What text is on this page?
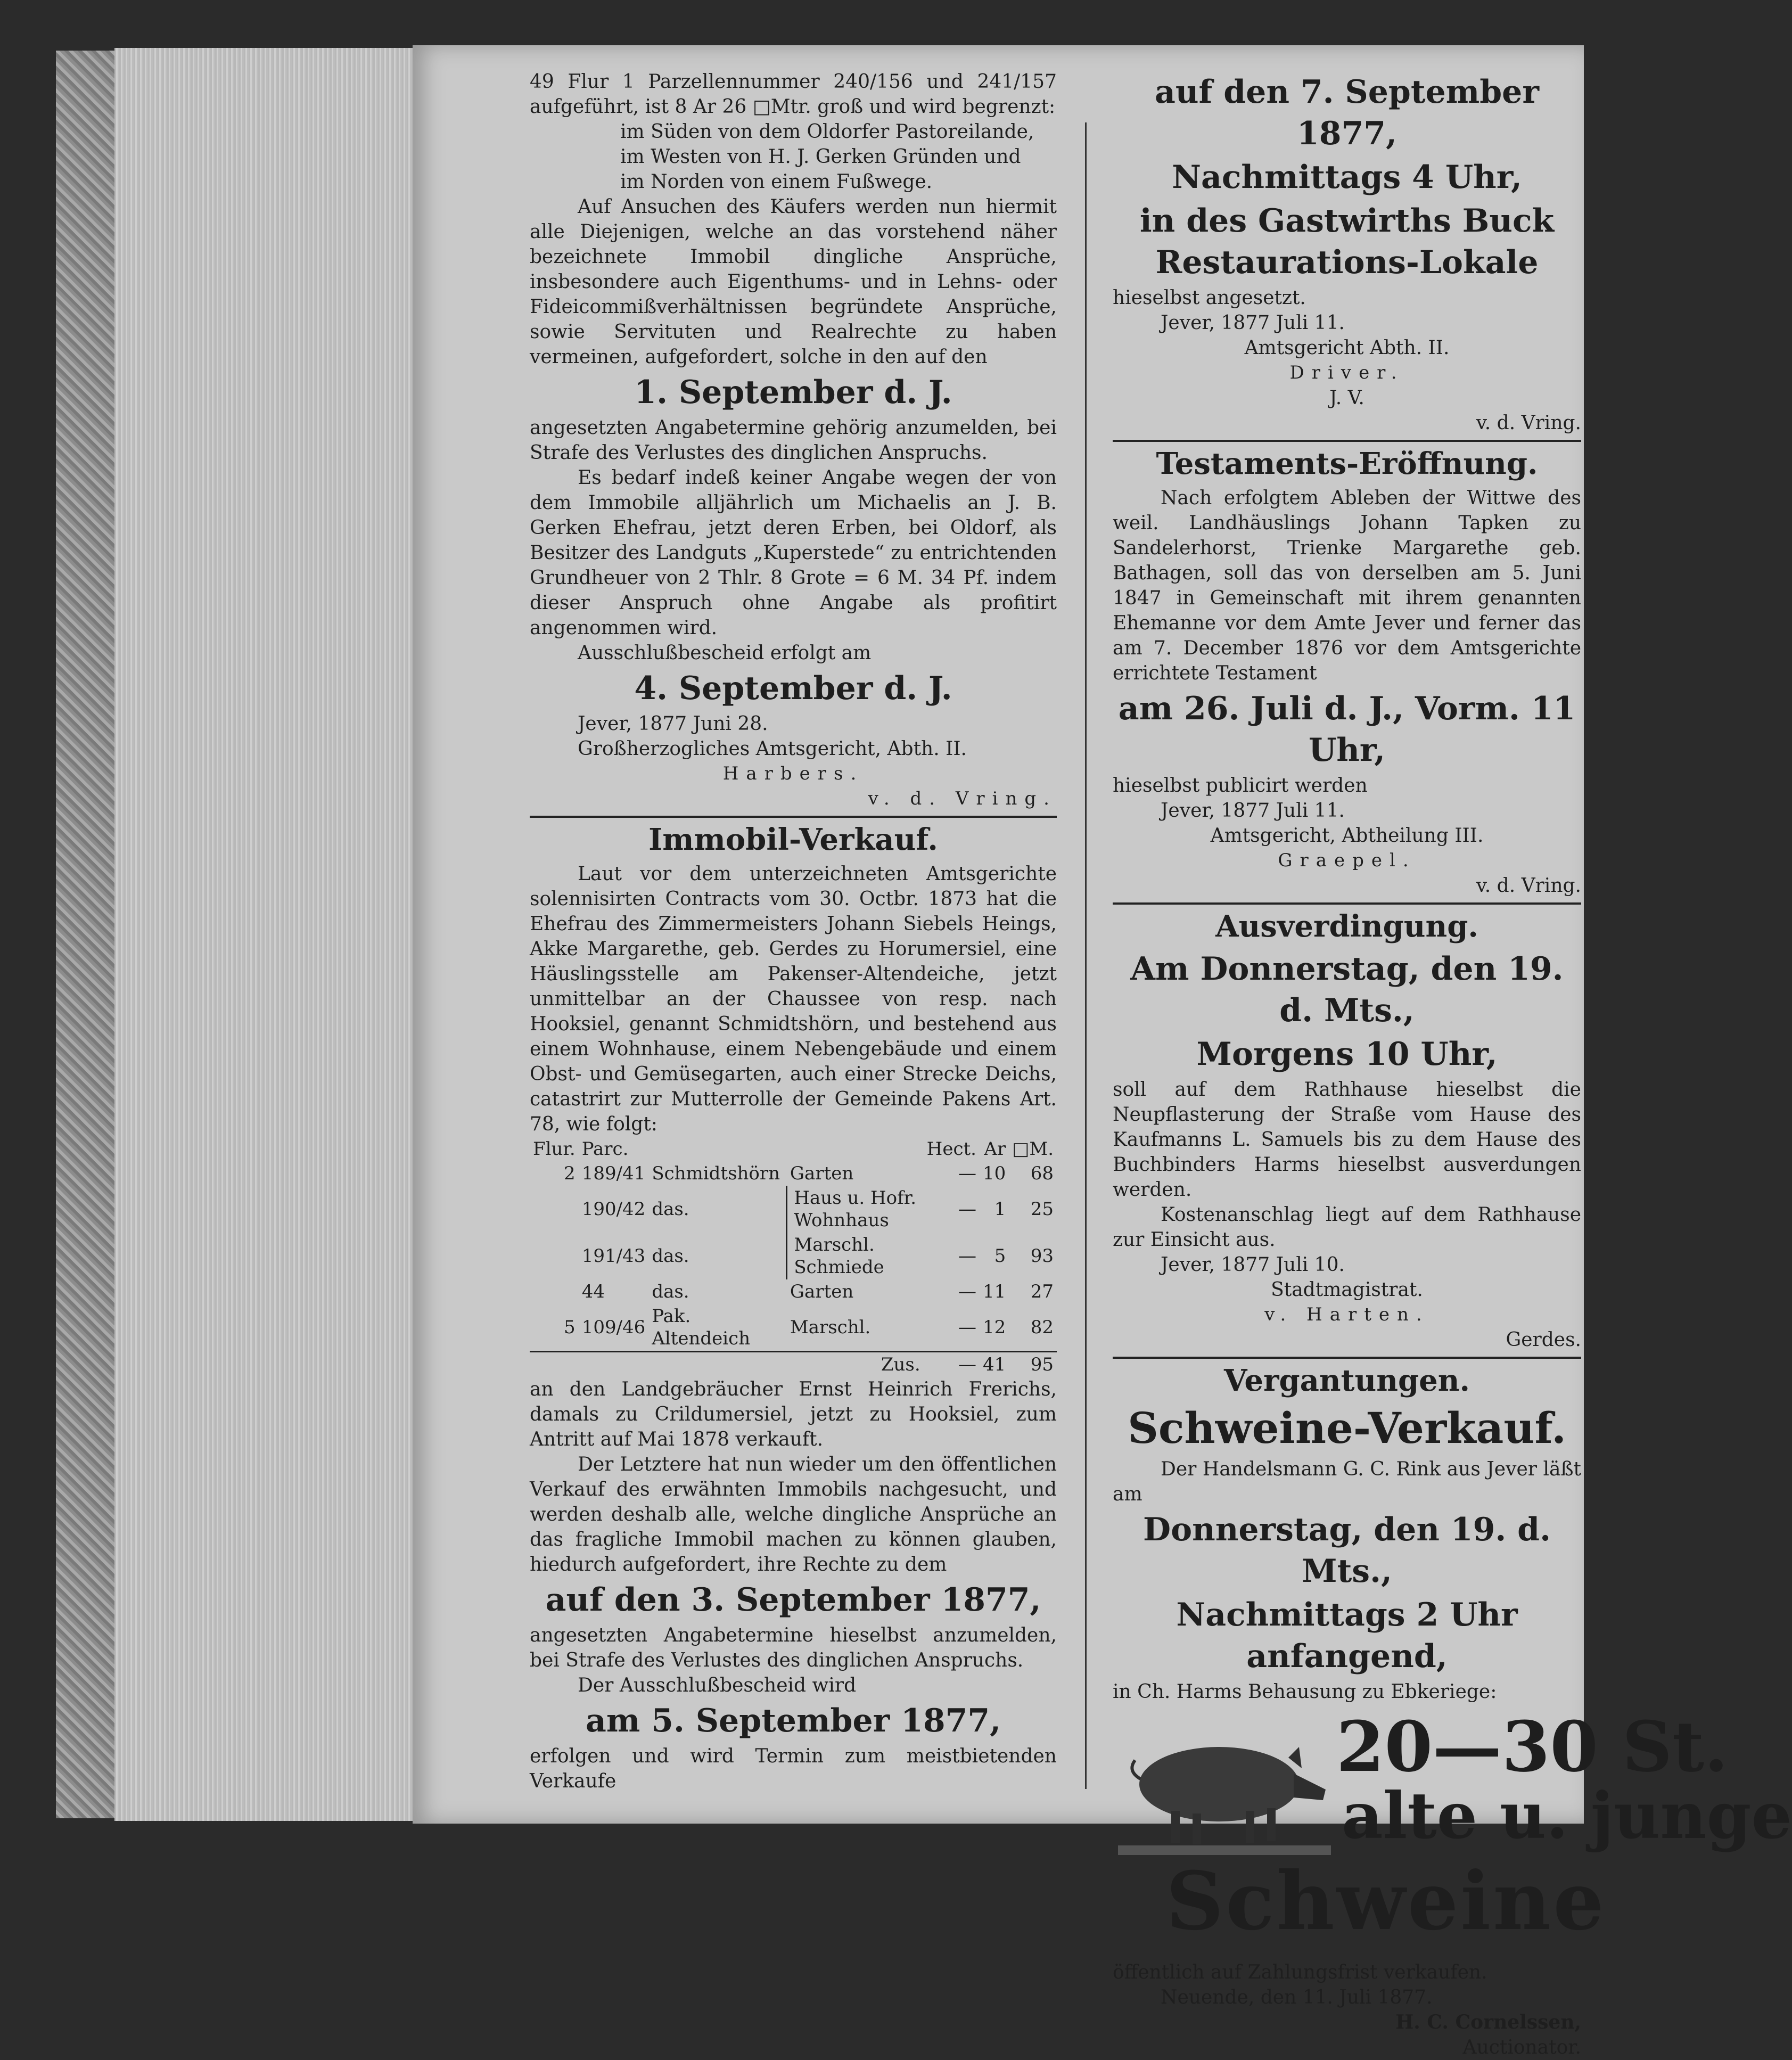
49 Flur 1 Parzellennummer 240/156 und 241/157 aufgeführt, ist 8 Ar 26 □Mtr. groß und wird begrenzt:

im Süden von dem Oldorfer Pastoreilande,

im Westen von H. J. Gerken Gründen und

im Norden von einem Fußwege.

Auf Ansuchen des Käufers werden nun hiermit alle Diejenigen, welche an das vorstehend näher bezeichnete Immobil dingliche Ansprüche, insbesondere auch Eigenthums- und in Lehns- oder Fideicommißverhältnissen begründete Ansprüche, sowie Servituten und Realrechte zu haben vermeinen, aufgefordert, solche in den auf den

1. September d. J.

angesetzten Angabetermine gehörig anzumelden, bei Strafe des Verlustes des dinglichen Anspruchs.

Es bedarf indeß keiner Angabe wegen der von dem Immobile alljährlich um Michaelis an J. B. Gerken Ehefrau, jetzt deren Erben, bei Oldorf, als Besitzer des Landguts „Kuperstede“ zu entrichtenden Grundheuer von 2 Thlr. 8 Grote = 6 M. 34 Pf. indem dieser Anspruch ohne Angabe als profitirt angenommen wird.

Ausschlußbescheid erfolgt am

4. September d. J.

Jever, 1877 Juni 28.

Großherzogliches Amtsgericht, Abth. II.

Harbers.

v. d. Vring.

Immobil-Verkauf.

Laut vor dem unterzeichneten Amtsgerichte solennisirten Contracts vom 30. Octbr. 1873 hat die Ehefrau des Zimmermeisters Johann Siebels Heings, Akke Margarethe, geb. Gerdes zu Horumersiel, eine Häuslingsstelle am Pakenser-Altendeiche, jetzt unmittelbar an der Chaussee von resp. nach Hooksiel, genannt Schmidtshörn, und bestehend aus einem Wohnhause, einem Nebengebäude und einem Obst- und Gemüsegarten, auch einer Strecke Deichs, catastrirt zur Mutterrolle der Gemeinde Pakens Art. 78, wie folgt:

Flur.	Parc.			Hect.	Ar	□M.
2	189/41	Schmidtshörn	Garten	—	10	68
	190/42	das.	Haus u. Hofr. Wohnhaus	—	1	25
	191/43	das.	Marschl. Schmiede	—	5	93
	44	das.	Garten	—	11	27
5	109/46	Pak. Altendeich	Marschl.	—	12	82
			Zus.	—	41	95

an den Landgebräucher Ernst Heinrich Frerichs, damals zu Crildumersiel, jetzt zu Hooksiel, zum Antritt auf Mai 1878 verkauft.

Der Letztere hat nun wieder um den öffentlichen Verkauf des erwähnten Immobils nachgesucht, und werden deshalb alle, welche dingliche Ansprüche an das fragliche Immobil machen zu können glauben, hiedurch aufgefordert, ihre Rechte zu dem

auf den 3. September 1877,

angesetzten Angabetermine hieselbst anzumelden, bei Strafe des Verlustes des dinglichen Anspruchs.

Der Ausschlußbescheid wird

am 5. September 1877,

erfolgen und wird Termin zum meistbietenden Verkaufe

auf den 7. September 1877,
Nachmittags 4 Uhr,
in des Gastwirths Buck Restaurations-Lokale

hieselbst angesetzt.

Jever, 1877 Juli 11.

Amtsgericht Abth. II.

Driver.

J. V.

v. d. Vring.

Testaments-Eröffnung.

Nach erfolgtem Ableben der Wittwe des weil. Landhäuslings Johann Tapken zu Sandelerhorst, Trienke Margarethe geb. Bathagen, soll das von derselben am 5. Juni 1847 in Gemeinschaft mit ihrem genannten Ehemanne vor dem Amte Jever und ferner das am 7. December 1876 vor dem Amtsgerichte errichtete Testament

am 26. Juli d. J., Vorm. 11 Uhr,

hieselbst publicirt werden

Jever, 1877 Juli 11.

Amtsgericht, Abtheilung III.

Graepel.

v. d. Vring.

Ausverdingung.
Am Donnerstag, den 19. d. Mts.,
Morgens 10 Uhr,

soll auf dem Rathhause hieselbst die Neupflasterung der Straße vom Hause des Kaufmanns L. Samuels bis zu dem Hause des Buchbinders Harms hieselbst ausverdungen werden.

Kostenanschlag liegt auf dem Rathhause zur Einsicht aus.

Jever, 1877 Juli 10.

Stadtmagistrat.

v. Harten.

Gerdes.

Vergantungen.
Schweine-Verkauf.

Der Handelsmann G. C. Rink aus Jever läßt am

Donnerstag, den 19. d. Mts.,
Nachmittags 2 Uhr anfangend,

in Ch. Harms Behausung zu Ebkeriege:

20—30 St.
alte u. junge
Schweine

öffentlich auf Zahlungsfrist verkaufen.

Neuende, den 11. Juli 1877.

H. C. Cornelssen,

Auctionator.
